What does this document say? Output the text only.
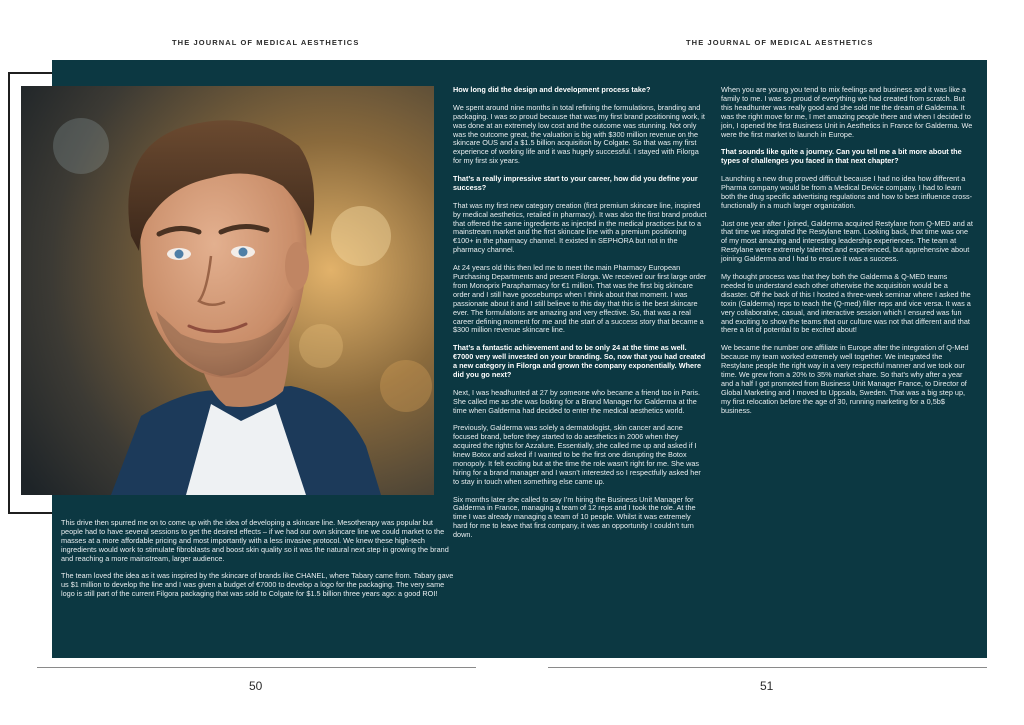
THE JOURNAL OF MEDICAL AESTHETICS	THE JOURNAL OF MEDICAL AESTHETICS

This drive then spurred me on to come up with the idea of developing a skincare line. Mesotherapy was popular but people had to have several sessions to get the desired effects – if we had our own skincare line we could market to the masses at a more affordable pricing and most importantly with a less invasive protocol. We knew these high-tech ingredients would work to stimulate fibroblasts and boost skin quality so it was the natural next step in growing the brand and reaching a more mainstream, larger audience.

The team loved the idea as it was inspired by the skincare of brands like CHANEL, where Tabary came from. Tabary gave us $1 million to develop the line and I was given a budget of €7000 to develop a logo for the packaging. The very same logo is still part of the current Filgora packaging that was sold to Colgate for $1.5 billion three years ago: a good ROI!

How long did the design and development process take?

We spent around nine months in total refining the formulations, branding and packaging. I was so proud because that was my first brand positioning work, it was done at an extremely low cost and the outcome was stunning. Not only was the outcome great, the valuation is big with $300 million revenue on the skincare OUS and a $1.5 billion acquisition by Colgate. So that was my first experience of working life and it was hugely successful. I stayed with Filorga for my first six years.

That’s a really impressive start to your career, how did you define your success?

That was my first new category creation (first premium skincare line, inspired by medical aesthetics, retailed in pharmacy). It was also the first brand product that offered the same ingredients as injected in the medical practices but to a mainstream market and the first skincare line with a premium positioning €100+ in the pharmacy channel. It existed in SEPHORA but not in the pharmacy channel.

At 24 years old this then led me to meet the main Pharmacy European Purchasing Departments and present Filorga. We received our first large order from Monoprix Parapharmacy for €1 million. That was the first big skincare order and I still have goosebumps when I think about that moment. I was passionate about it and I still believe to this day that this is the best skincare ever. The formulations are amazing and very effective. So, that was a real career defining moment for me and the start of a success story that became a $300 million revenue skincare line.

That’s a fantastic achievement and to be only 24 at the time as well. €7000 very well invested on your branding. So, now that you had created a new category in Filorga and grown the company exponentially. Where did you go next?

Next, I was headhunted at 27 by someone who became a friend too in Paris. She called me as she was looking for a Brand Manager for Galderma at the time when Galderma had decided to enter the medical aesthetics world.

Previously, Galderma was solely a dermatologist, skin cancer and acne focused brand, before they started to do aesthetics in 2006 when they acquired the rights for Azzalure. Essentially, she called me up and asked if I knew Botox and asked if I wanted to be the first one disrupting the Botox monopoly. It felt exciting but at the time the role wasn’t right for me. She was hiring for a brand manager and I wasn’t interested so I respectfully asked her to stay in touch when something else came up.

Six months later she called to say I’m hiring the Business Unit Manager for Galderma in France, managing a team of 12 reps and I took the role. At the time I was already managing a team of 10 people. Whilst it was extremely hard for me to leave that first company, it was an opportunity I couldn’t turn down.

When you are young you tend to mix feelings and business and it was like a family to me. I was so proud of everything we had created from scratch. But this headhunter was really good and she sold me the dream of Galderma. It was the right move for me, I met amazing people there and when I decided to join, I opened the first Business Unit in Aesthetics in France for Galderma. We were the first market to launch in Europe.

That sounds like quite a journey. Can you tell me a bit more about the types of challenges you faced in that next chapter?

Launching a new drug proved difficult because I had no idea how different a Pharma company would be from a Medical Device company. I had to learn both the drug specific advertising regulations and how to best influence cross-functionally in a much larger organization.

Just one year after I joined, Galderma acquired Restylane from Q-MED and at that time we integrated the Restylane team. Looking back, that time was one of my most amazing and interesting leadership experiences. The team at Restylane were extremely talented and experienced, but apprehensive about joining Galderma and I had to ensure it was a success.

My thought process was that they both the Galderma & Q-MED teams needed to understand each other otherwise the acquisition would be a disaster. Off the back of this I hosted a three-week seminar where I asked the toxin (Galderma) reps to teach the (Q-med) filler reps and vice versa. It was a very collaborative, casual, and interactive session which I ensured was fun and exciting to show the teams that our culture was not that different and that there a lot of potential to be excited about!

We became the number one affiliate in Europe after the integration of Q-Med because my team worked extremely well together. We integrated the Restylane people the right way in a very respectful manner and we took our time. We grew from a 20% to 35% market share. So that’s why after a year and a half I got promoted from Business Unit Manager France, to Director of Global Marketing and I moved to Uppsala, Sweden. That was a big step up, my first relocation before the age of 30, running marketing for a 0,5b$ business.

50	51
